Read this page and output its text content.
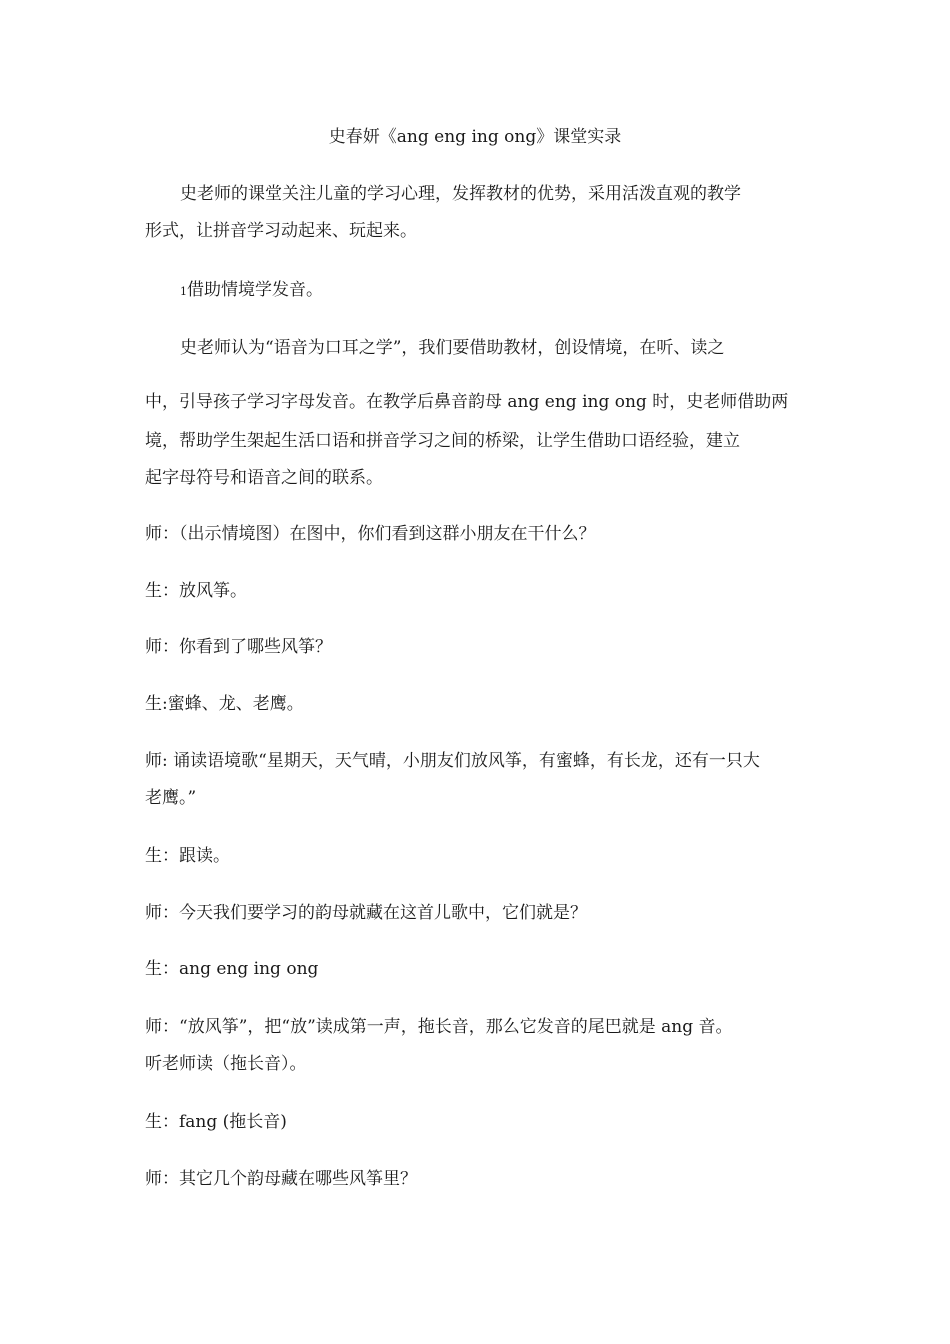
史春妍《ang eng ing ong》课堂实录
史老师的课堂关注儿童的学习心理，发挥教材的优势，采用活泼直观的教学
形式，让拼音学习动起来、玩起来。
1借助情境学发音。
史老师认为“语音为口耳之学”，我们要借助教材，创设情境，在听、读之
中，引导孩子学习字母发音。在教学后鼻音韵母 ang eng ing ong 时，史老师借助两
境，帮助学生架起生活口语和拼音学习之间的桥梁，让学生借助口语经验，建立
起字母符号和语音之间的联系。
师：（出示情境图）在图中，你们看到这群小朋友在干什么？
生：放风筝。
师：你看到了哪些风筝？
生:蜜蜂、龙、老鹰。
师: 诵读语境歌“星期天，天气晴，小朋友们放风筝，有蜜蜂，有长龙，还有一只大
老鹰。”
生：跟读。
师：今天我们要学习的韵母就藏在这首儿歌中，它们就是？
生：ang eng ing ong
师：“放风筝”，把“放”读成第一声，拖长音，那么它发音的尾巴就是 ang 音。
听老师读（拖长音）。
生：fang (拖长音)
师：其它几个韵母藏在哪些风筝里？
